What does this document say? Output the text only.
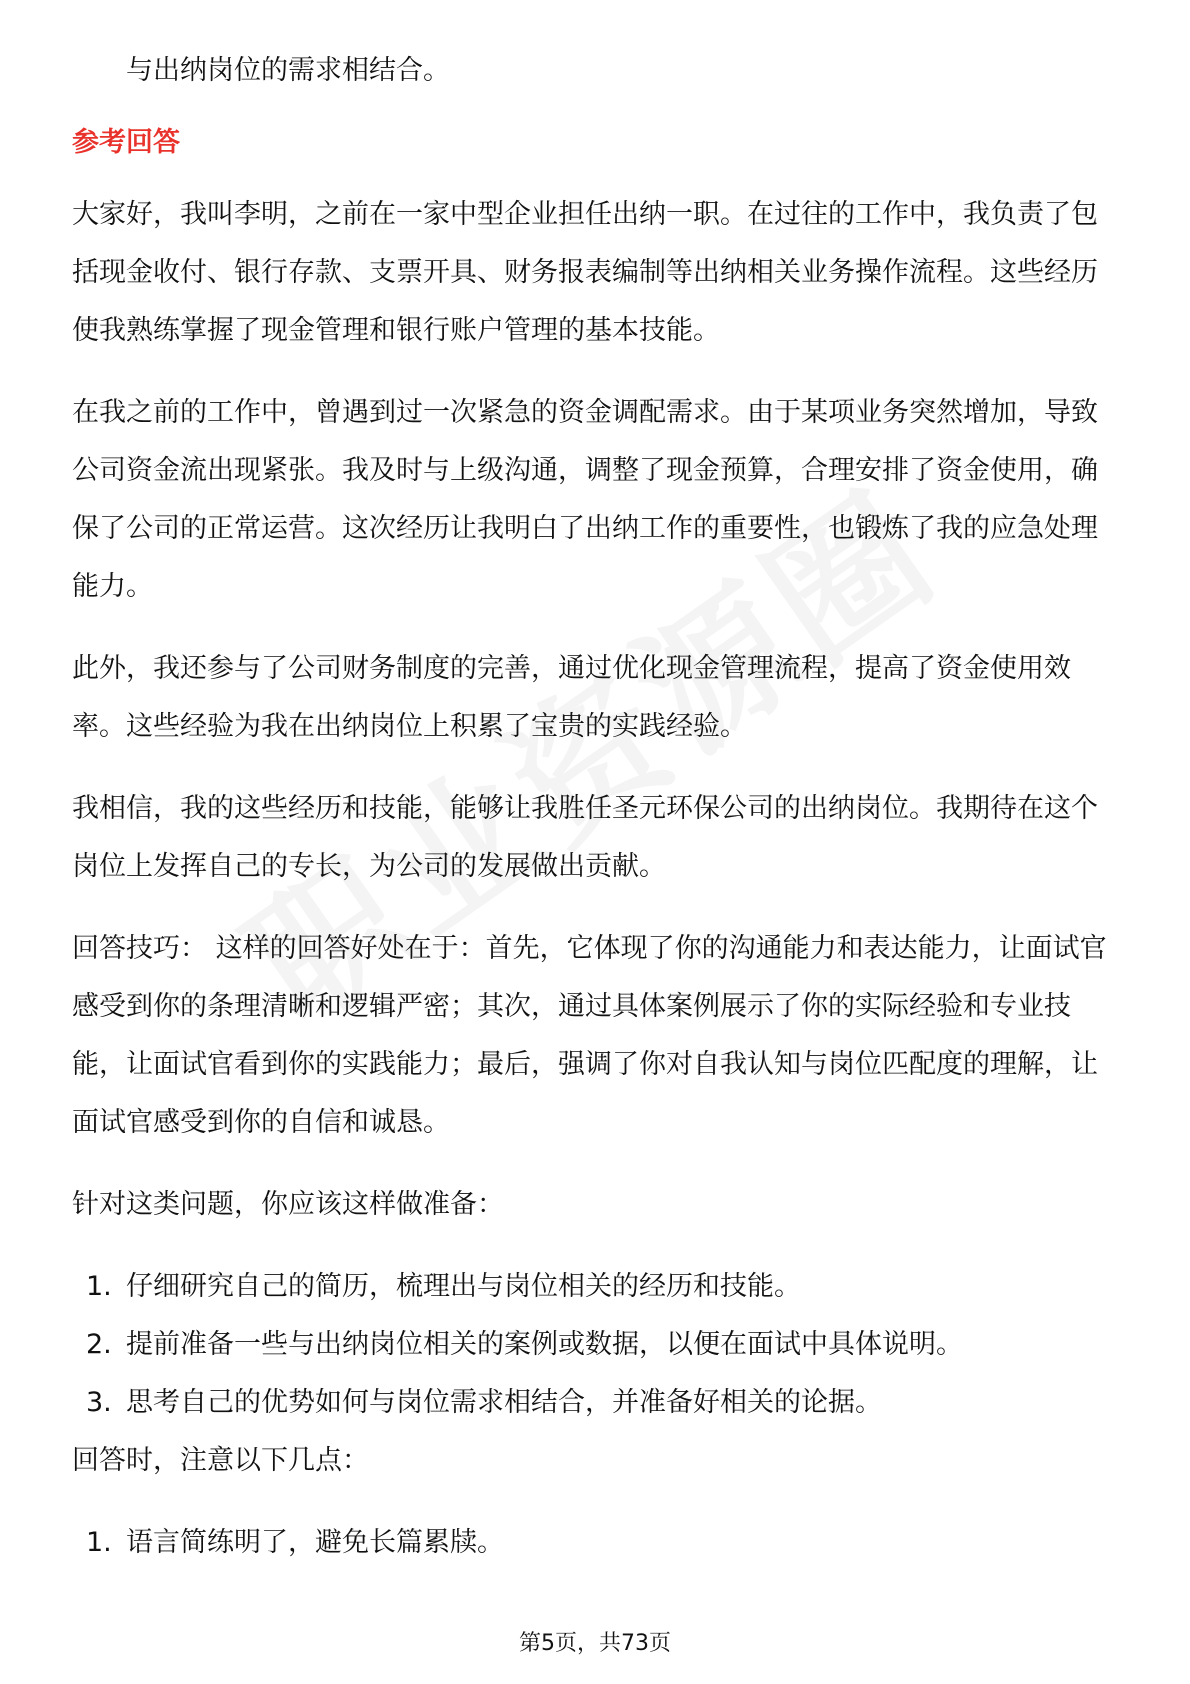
与出纳岗位的需求相结合。

参考回答

大家好，我叫李明，之前在一家中型企业担任出纳一职。在过往的工作中，我负责了包括现金收付、银行存款、支票开具、财务报表编制等出纳相关业务操作流程。这些经历使我熟练掌握了现金管理和银行账户管理的基本技能。

在我之前的工作中，曾遇到过一次紧急的资金调配需求。由于某项业务突然增加，导致公司资金流出现紧张。我及时与上级沟通，调整了现金预算，合理安排了资金使用，确保了公司的正常运营。这次经历让我明白了出纳工作的重要性，也锻炼了我的应急处理能力。

此外，我还参与了公司财务制度的完善，通过优化现金管理流程，提高了资金使用效率。这些经验为我在出纳岗位上积累了宝贵的实践经验。

我相信，我的这些经历和技能，能够让我胜任圣元环保公司的出纳岗位。我期待在这个岗位上发挥自己的专长，为公司的发展做出贡献。

回答技巧： 这样的回答好处在于：首先，它体现了你的沟通能力和表达能力，让面试官感受到你的条理清晰和逻辑严密；其次，通过具体案例展示了你的实际经验和专业技能，让面试官看到你的实践能力；最后，强调了你对自我认知与岗位匹配度的理解，让面试官感受到你的自信和诚恳。

针对这类问题，你应该这样做准备：

1. 仔细研究自己的简历，梳理出与岗位相关的经历和技能。
2. 提前准备一些与出纳岗位相关的案例或数据，以便在面试中具体说明。
3. 思考自己的优势如何与岗位需求相结合，并准备好相关的论据。

回答时，注意以下几点：

1. 语言简练明了，避免长篇累牍。
第5页，共73页
